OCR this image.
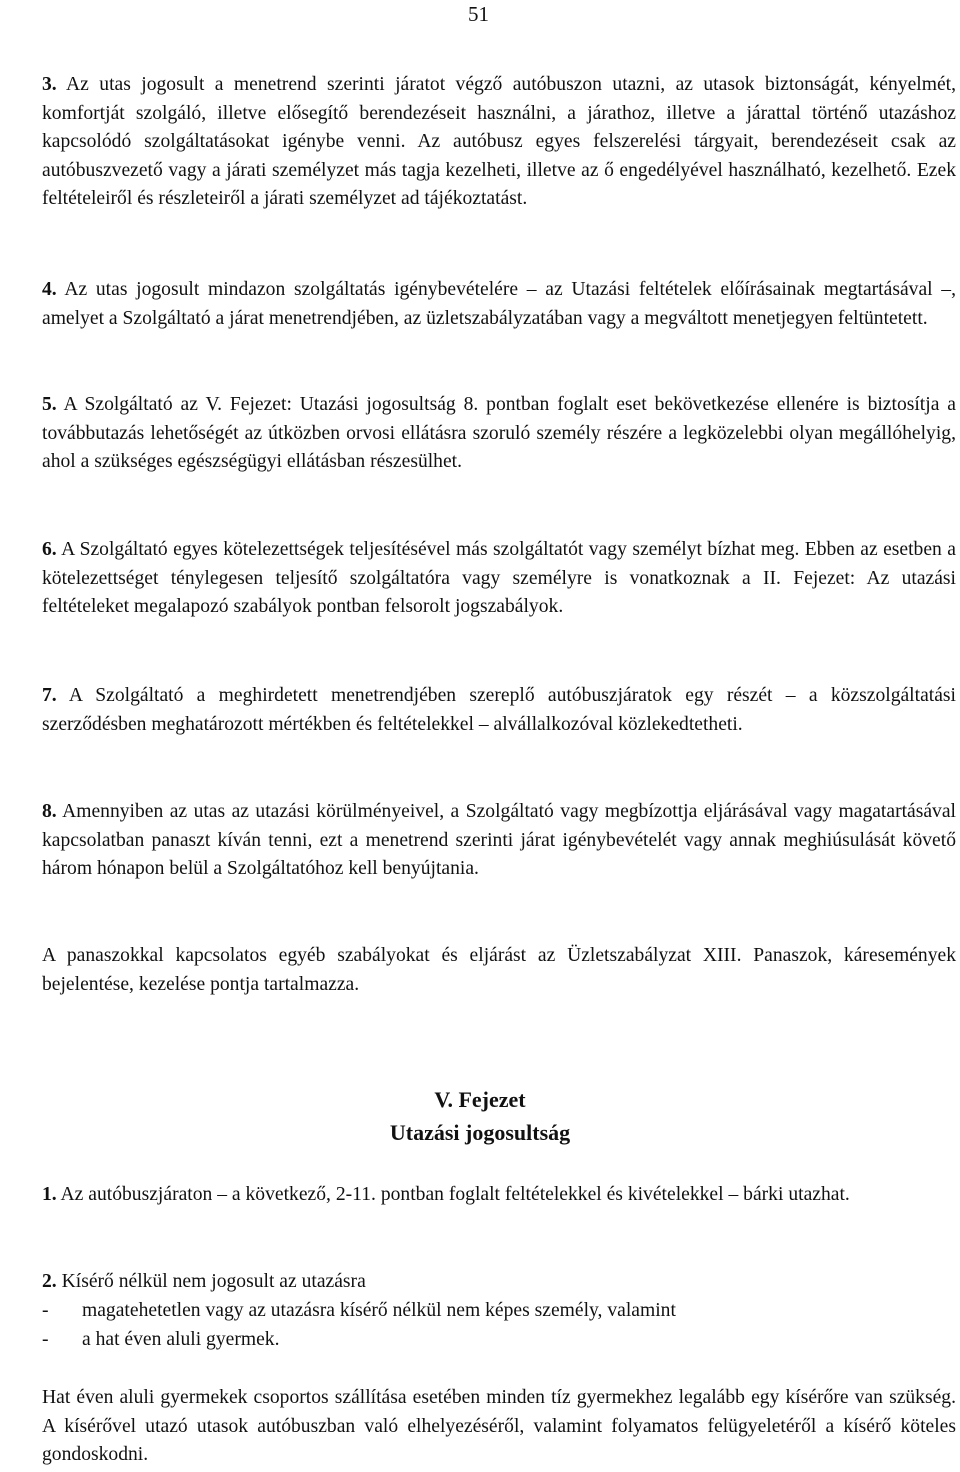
51
3. Az utas jogosult a menetrend szerinti járatot végző autóbuszon utazni, az utasok biztonságát, kényelmét, komfortját szolgáló, illetve elősegítő berendezéseit használni, a járathoz, illetve a járattal történő utazáshoz kapcsolódó szolgáltatásokat igénybe venni. Az autóbusz egyes felszerelési tárgyait, berendezéseit csak az autóbuszvezető vagy a járati személyzet más tagja kezelheti, illetve az ő engedélyével használható, kezelhető. Ezek feltételeiről és részleteiről a járati személyzet ad tájékoztatást.
4. Az utas jogosult mindazon szolgáltatás igénybevételére – az Utazási feltételek előírásainak megtartásával –, amelyet a Szolgáltató a járat menetrendjében, az üzletszabályzatában vagy a megváltott menetjegyen feltüntetett.
5. A Szolgáltató az V. Fejezet: Utazási jogosultság 8. pontban foglalt eset bekövetkezése ellenére is biztosítja a továbbutazás lehetőségét az útközben orvosi ellátásra szoruló személy részére a legközelebbi olyan megállóhelyig, ahol a szükséges egészségügyi ellátásban részesülhet.
6. A Szolgáltató egyes kötelezettségek teljesítésével más szolgáltatót vagy személyt bízhat meg. Ebben az esetben a kötelezettséget ténylegesen teljesítő szolgáltatóra vagy személyre is vonatkoznak a II. Fejezet: Az utazási feltételeket megalapozó szabályok pontban felsorolt jogszabályok.
7. A Szolgáltató a meghirdetett menetrendjében szereplő autóbuszjáratok egy részét – a közszolgáltatási szerződésben meghatározott mértékben és feltételekkel – alvállalkozóval közlekedtetheti.
8. Amennyiben az utas az utazási körülményeivel, a Szolgáltató vagy megbízottja eljárásával vagy magatartásával kapcsolatban panaszt kíván tenni, ezt a menetrend szerinti járat igénybevételét vagy annak meghiúsulását követő három hónapon belül a Szolgáltatóhoz kell benyújtania.
A panaszokkal kapcsolatos egyéb szabályokat és eljárást az Üzletszabályzat XIII. Panaszok, káresemények bejelentése, kezelése pontja tartalmazza.
V. Fejezet
Utazási jogosultság
1. Az autóbuszjáraton – a következő, 2-11. pontban foglalt feltételekkel és kivételekkel – bárki utazhat.
2. Kísérő nélkül nem jogosult az utazásra
-	magatehetetlen vagy az utazásra kísérő nélkül nem képes személy, valamint
-	a hat éven aluli gyermek.
Hat éven aluli gyermekek csoportos szállítása esetében minden tíz gyermekhez legalább egy kísérőre van szükség. A kísérővel utazó utasok autóbuszban való elhelyezéséről, valamint folyamatos felügyeletéről a kísérő köteles gondoskodni.
